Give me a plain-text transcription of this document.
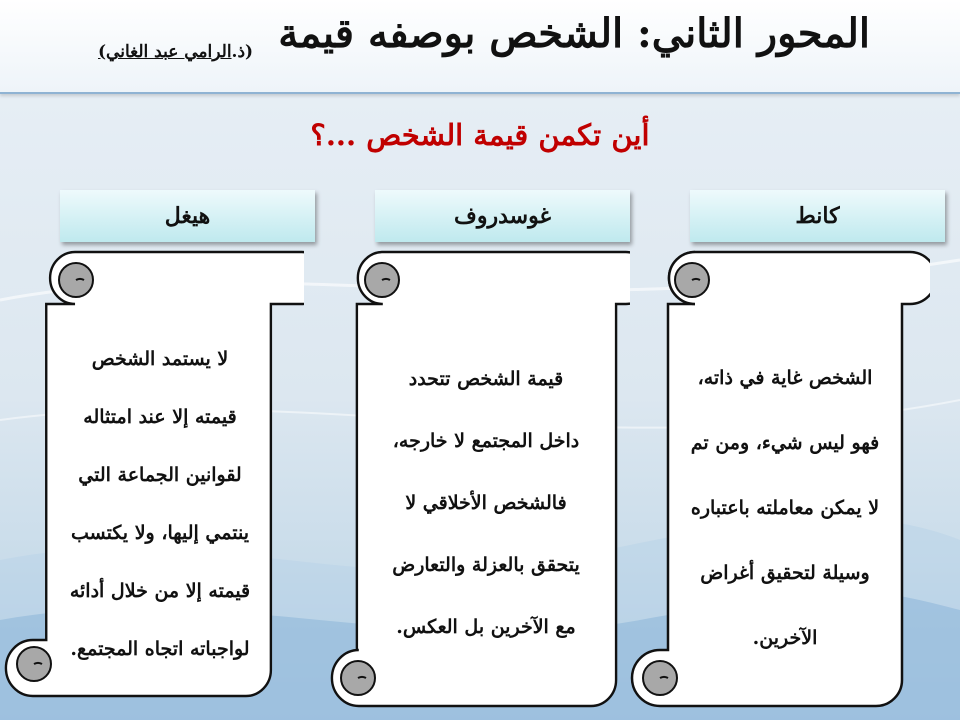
المحور الثاني: الشخص بوصفه قيمة
(ذ.الرامي عبد الغاني)
أين تكمن قيمة الشخص ...؟
كانط
غوسدروف
هيغل
الشخص غاية في ذاته،
فهو ليس شيء، ومن تم
لا يمكن معاملته باعتباره
وسيلة لتحقيق أغراض
الآخرين.
قيمة الشخص تتحدد
داخل المجتمع لا خارجه،
فالشخص الأخلاقي لا
يتحقق بالعزلة والتعارض
مع الآخرين بل العكس.
لا يستمد الشخص
قيمته إلا عند امتثاله
لقوانين الجماعة التي
ينتمي إليها، ولا يكتسب
قيمته إلا من خلال أدائه
لواجباته اتجاه المجتمع.
